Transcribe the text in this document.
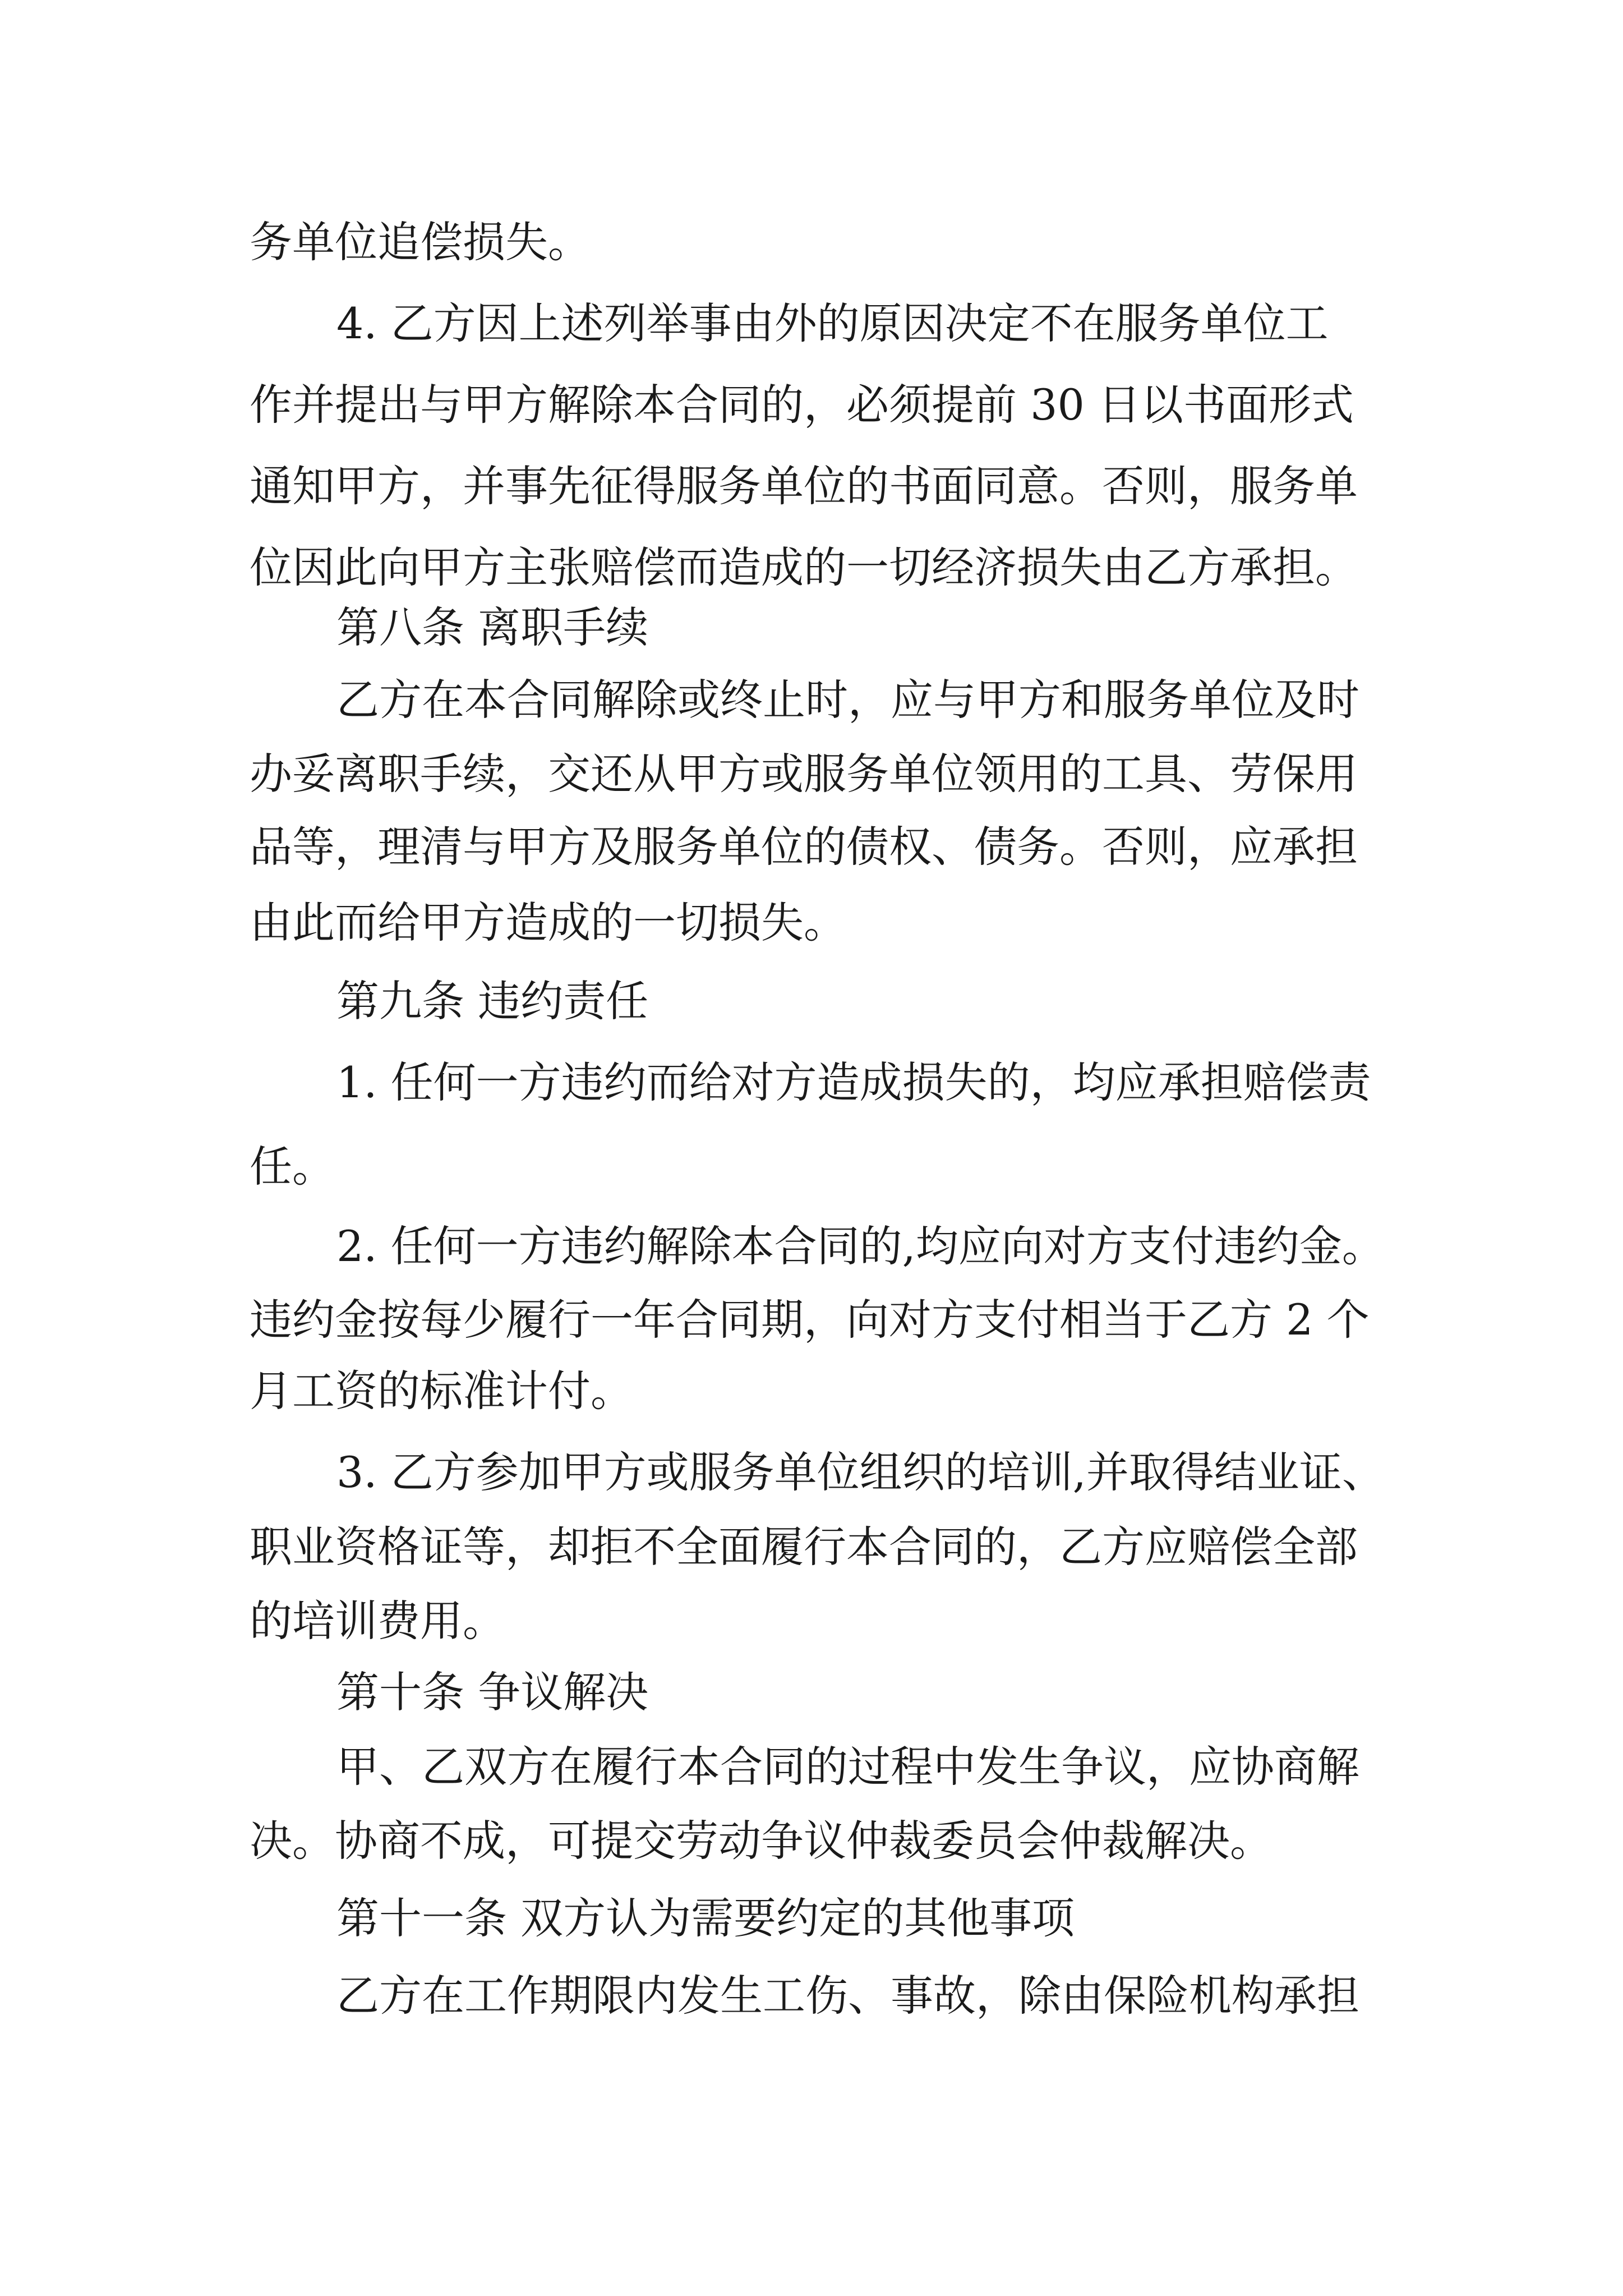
务单位追偿损失。
4. 乙方因上述列举事由外的原因决定不在服务单位工
作并提出与甲方解除本合同的，必须提前 30 日以书面形式
通知甲方，并事先征得服务单位的书面同意。否则，服务单
位因此向甲方主张赔偿而造成的一切经济损失由乙方承担。
第八条 离职手续
乙方在本合同解除或终止时，应与甲方和服务单位及时
办妥离职手续，交还从甲方或服务单位领用的工具、劳保用
品等，理清与甲方及服务单位的债权、债务。否则，应承担
由此而给甲方造成的一切损失。
第九条 违约责任
1. 任何一方违约而给对方造成损失的，均应承担赔偿责
任。
2. 任何一方违约解除本合同的,均应向对方支付违约金。
违约金按每少履行一年合同期，向对方支付相当于乙方 2 个
月工资的标准计付。
3. 乙方参加甲方或服务单位组织的培训,并取得结业证、
职业资格证等，却拒不全面履行本合同的，乙方应赔偿全部
的培训费用。
第十条 争议解决
甲、乙双方在履行本合同的过程中发生争议，应协商解
决。协商不成，可提交劳动争议仲裁委员会仲裁解决。
第十一条 双方认为需要约定的其他事项
乙方在工作期限内发生工伤、事故，除由保险机构承担
